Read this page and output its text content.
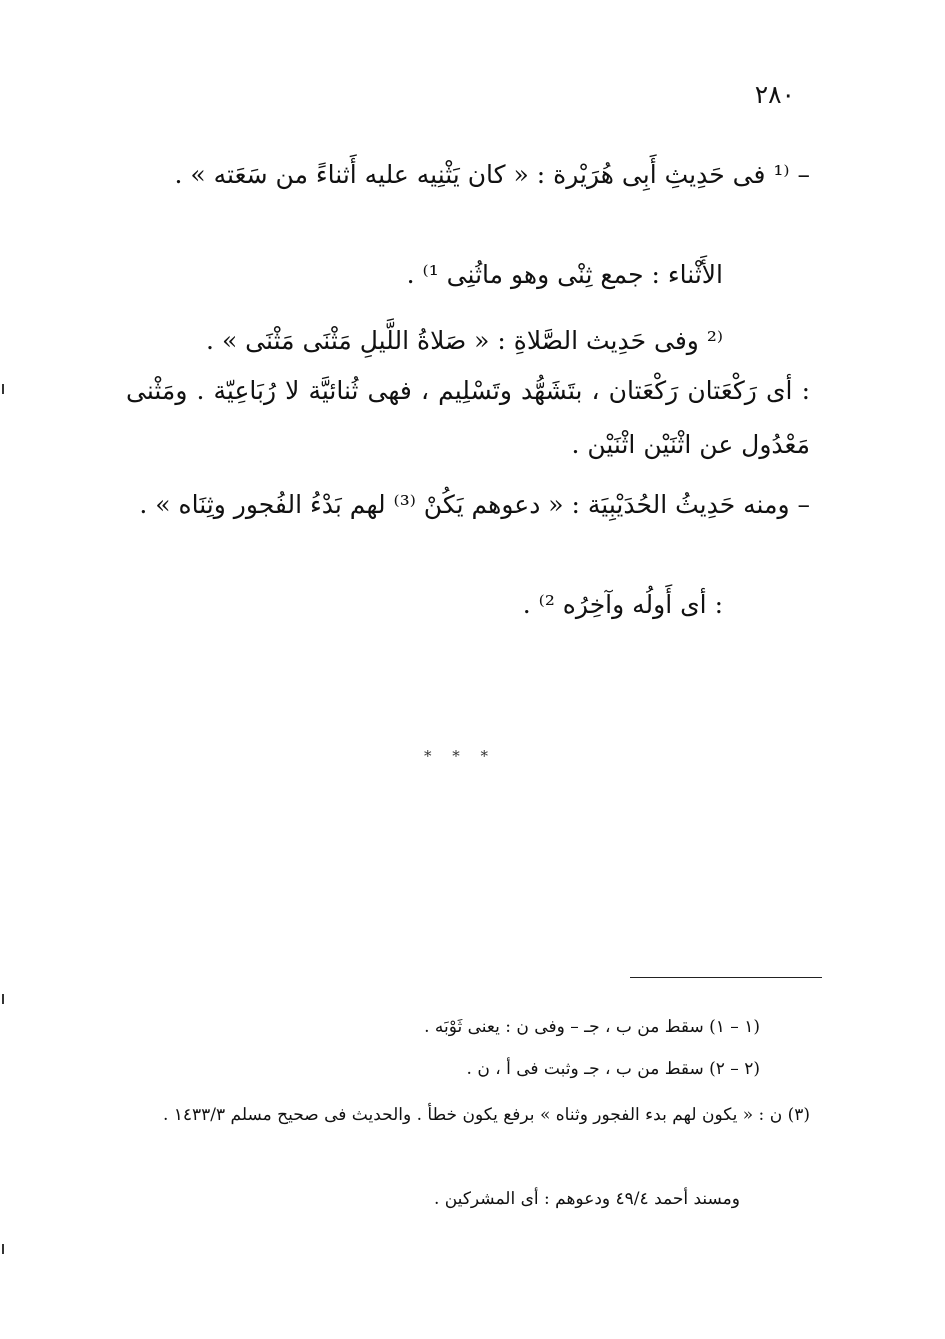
٢٨٠
– ⁽¹ فى حَدِيثِ أَبِى هُرَيْرة : « كان يَثْنِيه عليه أَثناءً من سَعَته » .
الأَثْناء : جمع ثِنْى وهو ماثُنِى ¹⁾ .
⁽² وفى حَدِيث الصَّلاةِ : « صَلاةُ اللَّيلِ مَثْنَى مَثْنَى » .
: أى رَكْعَتان رَكْعَتان ، بتَشَهُّد وتَسْلِيم ، فهى ثُنائيَّة لا رُبَاعِيّة . ومَثْنى مَعْدُول عن اثْنَيْن اثْنَيْن .
– ومنه حَدِيثُ الحُدَيْبِيَة : « دعوهم يَكُنْ ⁽³⁾ لهم بَدْءُ الفُجور وثِنَاه » .
: أى أَولُه وآخِرُه ²⁾ .
* * *
(١ – ١) سقط من ب ، جـ – وفى ن : يعنى ثَوْبَه .
(٢ – ٢) سقط من ب ، جـ وثبت فى أ ، ن .
(٣) ن : « يكون لهم بدء الفجور وثناه » برفع يكون خطأ . والحديث فى صحيح مسلم ١٤٣٣/٣ .
ومسند أحمد ٤٩/٤ ودعوهم : أى المشركين .
